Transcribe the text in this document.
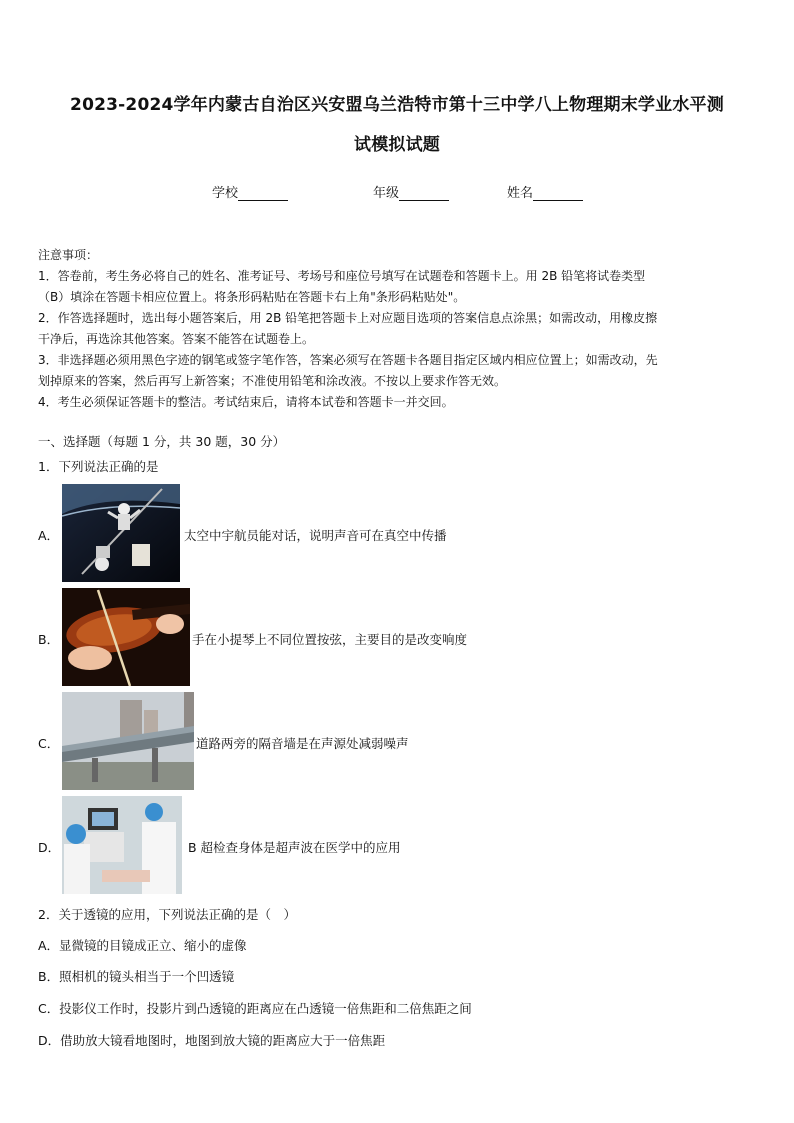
2023-2024学年内蒙古自治区兴安盟乌兰浩特市第十三中学八上物理期末学业水平测
试模拟试题
学校	年级	姓名

注意事项：

1．答卷前，考生务必将自己的姓名、准考证号、考场号和座位号填写在试题卷和答题卡上。用 2B 铅笔将试卷类型

（B）填涂在答题卡相应位置上。将条形码粘贴在答题卡右上角"条形码粘贴处"。

2．作答选择题时，选出每小题答案后，用 2B 铅笔把答题卡上对应题目选项的答案信息点涂黑；如需改动，用橡皮擦

干净后，再选涂其他答案。答案不能答在试题卷上。

3．非选择题必须用黑色字迹的钢笔或签字笔作答，答案必须写在答题卡各题目指定区域内相应位置上；如需改动，先

划掉原来的答案，然后再写上新答案；不准使用铅笔和涂改液。不按以上要求作答无效。

4．考生必须保证答题卡的整洁。考试结束后，请将本试卷和答题卡一并交回。

一、选择题（每题 1 分，共 30 题，30 分）
1．下列说法正确的是
A．	太空中宇航员能对话，说明声音可在真空中传播
B．	手在小提琴上不同位置按弦，主要目的是改变响度
C．	道路两旁的隔音墙是在声源处减弱噪声
D．	B 超检查身体是超声波在医学中的应用
2．关于透镜的应用，下列说法正确的是（　）
A．显微镜的目镜成正立、缩小的虚像
B．照相机的镜头相当于一个凹透镜
C．投影仪工作时，投影片到凸透镜的距离应在凸透镜一倍焦距和二倍焦距之间
D．借助放大镜看地图时，地图到放大镜的距离应大于一倍焦距
